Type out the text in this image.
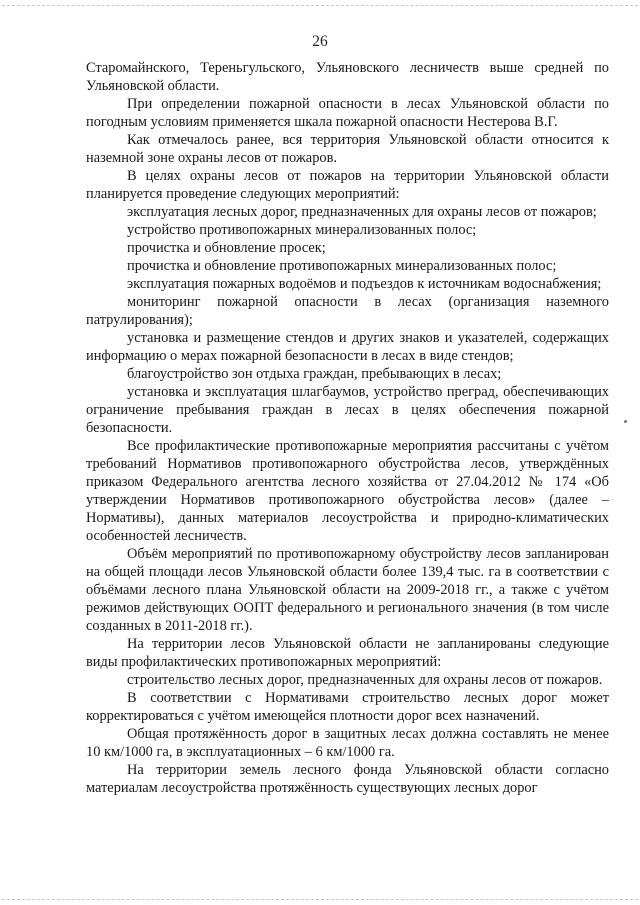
26

Старомайнского, Тереньгульского, Ульяновского лесничеств выше средней по Ульяновской области.

При определении пожарной опасности в лесах Ульяновской области по погодным условиям применяется шкала пожарной опасности Нестерова В.Г.

Как отмечалось ранее, вся территория Ульяновской области относится к наземной зоне охраны лесов от пожаров.

В целях охраны лесов от пожаров на территории Ульяновской области планируется проведение следующих мероприятий:

эксплуатация лесных дорог, предназначенных для охраны лесов от пожаров;

устройство противопожарных минерализованных полос;

прочистка и обновление просек;

прочистка и обновление противопожарных минерализованных полос;

эксплуатация пожарных водоёмов и подъездов к источникам водоснабжения;

мониторинг пожарной опасности в лесах (организация наземного патрулирования);

установка и размещение стендов и других знаков и указателей, содержащих информацию о мерах пожарной безопасности в лесах в виде стендов;

благоустройство зон отдыха граждан, пребывающих в лесах;

установка и эксплуатация шлагбаумов, устройство преград, обеспечивающих ограничение пребывания граждан в лесах в целях обеспечения пожарной безопасности.

Все профилактические противопожарные мероприятия рассчитаны с учётом требований Нормативов противопожарного обустройства лесов, утверждённых приказом Федерального агентства лесного хозяйства от 27.04.2012 № 174 «Об утверждении Нормативов противопожарного обустройства лесов» (далее – Нормативы), данных материалов лесоустройства и природно-климатических особенностей лесничеств.

Объём мероприятий по противопожарному обустройству лесов запланирован на общей площади лесов Ульяновской области более 139,4 тыс. га в соответствии с объёмами лесного плана Ульяновской области на 2009-2018 гг., а также с учётом режимов действующих ООПТ федерального и регионального значения (в том числе созданных в 2011-2018 гг.).

На территории лесов Ульяновской области не запланированы следующие виды профилактических противопожарных мероприятий:

строительство лесных дорог, предназначенных для охраны лесов от пожаров.

В соответствии с Нормативами строительство лесных дорог может корректироваться с учётом имеющейся плотности дорог всех назначений.

Общая протяжённость дорог в защитных лесах должна составлять не менее 10 км/1000 га, в эксплуатационных – 6 км/1000 га.

На территории земель лесного фонда Ульяновской области согласно материалам лесоустройства протяжённость существующих лесных дорог
